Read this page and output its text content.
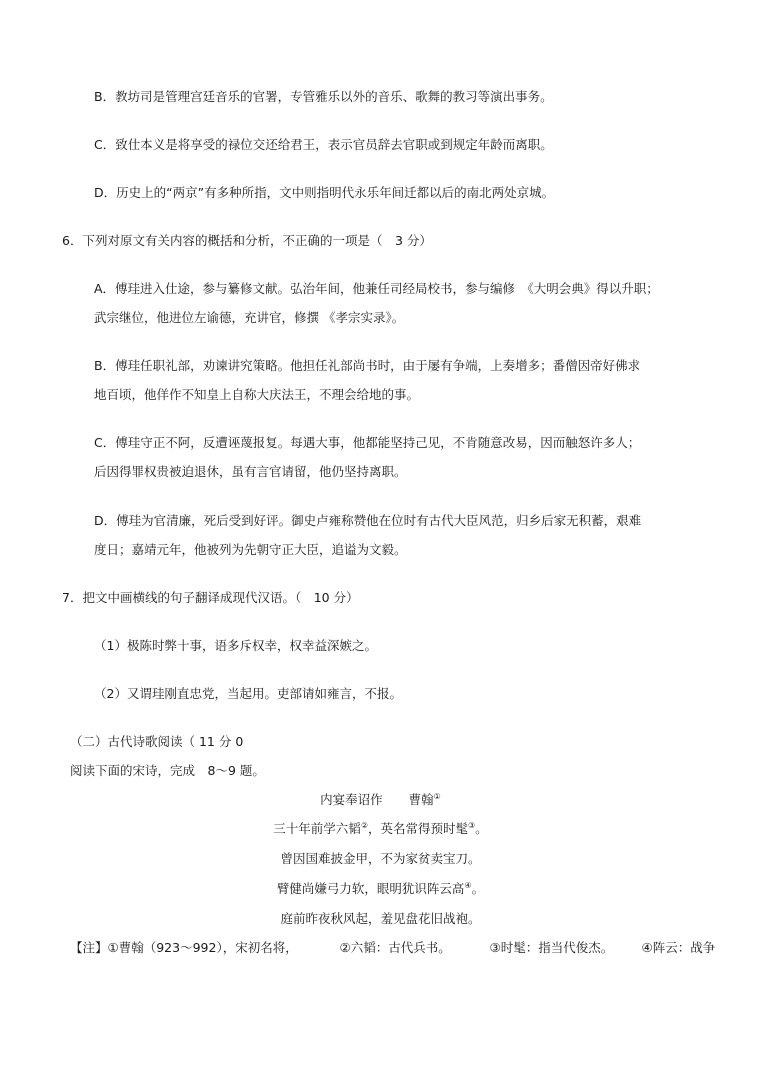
B．教坊司是管理宫廷音乐的官署，专管雅乐以外的音乐、歌舞的教习等演出事务。
C．致仕本义是将享受的禄位交还给君王，表示官员辞去官职或到规定年龄而离职。
D．历史上的“两京”有多种所指，文中则指明代永乐年间迁都以后的南北两处京城。
6．下列对原文有关内容的概括和分析，不正确的一项是（　3 分）
A．傅珪进入仕途，参与纂修文献。弘治年间，他兼任司经局校书，参与编修　《大明会典》得以升职；
武宗继位，他进位左谕德，充讲官，修撰 《孝宗实录》。
B．傅珪任职礼部，劝谏讲究策略。他担任礼部尚书时，由于屡有争端，上奏增多；番僧因帝好佛求
地百顷，他佯作不知皇上自称大庆法王，不理会给地的事。
C．傅珪守正不阿，反遭诬蔑报复。每遇大事，他都能坚持己见，不肯随意改易，因而触怒许多人；
后因得罪权贵被迫退休，虽有言官请留，他仍坚持离职。
D．傅珪为官清廉，死后受到好评。御史卢雍称赞他在位时有古代大臣风范，归乡后家无积蓄，艰难
度日；嘉靖元年，他被列为先朝守正大臣，追谥为文毅。
7．把文中画横线的句子翻译成现代汉语。（　10 分）
（1）极陈时弊十事，语多斥权幸，权幸益深嫉之。
（2）又谓珪刚直忠党，当起用。吏部请如雍言，不报。
（二）古代诗歌阅读（ 11 分 0
阅读下面的宋诗，完成　8～9 题。
内宴奉诏作 曹翰①
三十年前学六韬②，英名常得预时髦③。
曾因国难披金甲，不为家贫卖宝刀。
臂健尚嫌弓力软，眼明犹识阵云高④。
庭前昨夜秋风起，羞见盘花旧战袍。
【注】①曹翰（923～992），宋初名将，	②六韬：古代兵书。	③时髦：指当代俊杰。 ④阵云：战争
